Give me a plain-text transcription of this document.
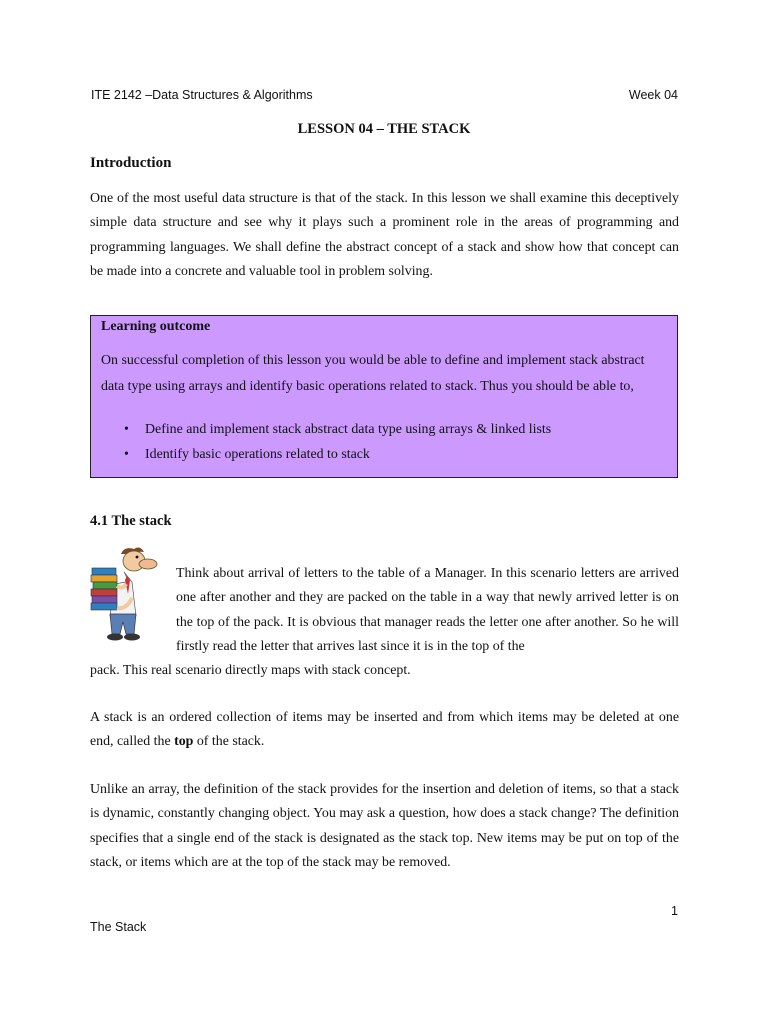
ITE 2142 –Data Structures & Algorithms	Week 04
LESSON 04 – THE STACK
Introduction

One of the most useful data structure is that of the stack. In this lesson we shall examine this deceptively simple data structure and see why it plays such a prominent role in the areas of programming and programming languages. We shall define the abstract concept of a stack and show how that concept can be made into a concrete and valuable tool in problem solving.

Learning outcome

On successful completion of this lesson you would be able to define and implement stack abstract data type using arrays and identify basic operations related to stack. Thus you should be able to,

•	Define and implement stack abstract data type using arrays & linked lists
•	Identify basic operations related to stack
4.1 The stack

Think about arrival of letters to the table of a Manager. In this scenario letters are arrived one after another and they are packed on the table in a way that newly arrived letter is on the top of the pack. It is obvious that manager reads the letter one after another. So he will firstly read the letter that arrives last since it is in the top of the

pack. This real scenario directly maps with stack concept.

A stack is an ordered collection of items may be inserted and from which items may be deleted at one end, called the top of the stack.

Unlike an array, the definition of the stack provides for the insertion and deletion of items, so that a stack is dynamic, constantly changing object. You may ask a question, how does a stack change? The definition specifies that a single end of the stack is designated as the stack top. New items may be put on top of the stack, or items which are at the top of the stack may be removed.

1
The Stack
